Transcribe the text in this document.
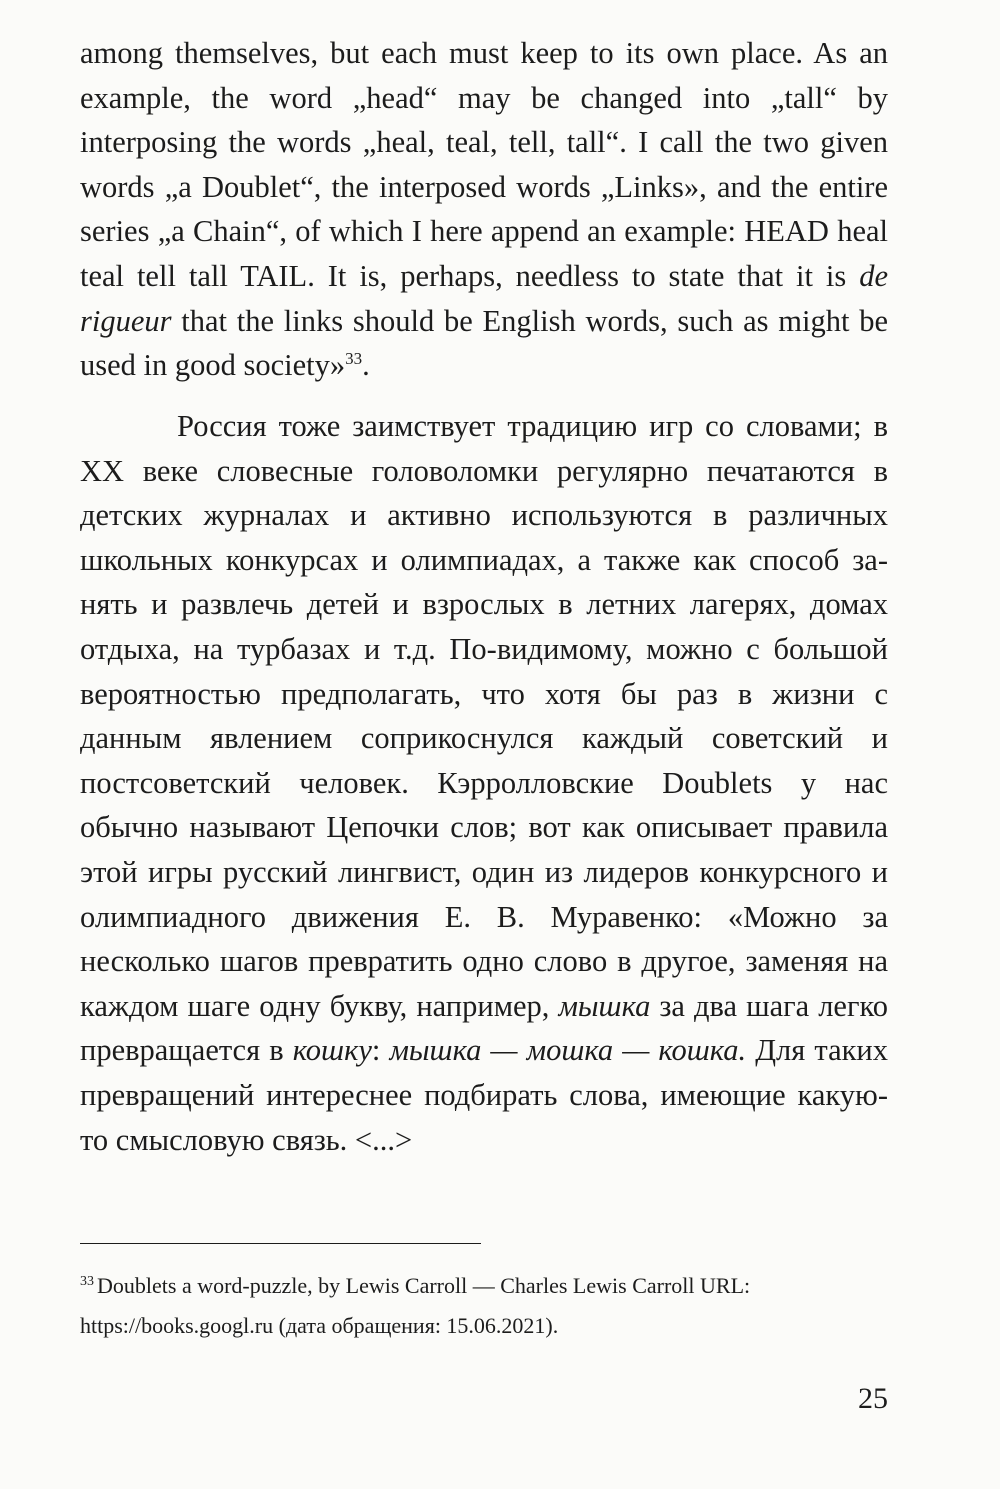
among themselves, but each must keep to its own place. As an example, the word „head“ may be changed into „tall“ by interposing the words „heal, teal, tell, tall“. I call the two given words „a Doublet“, the interposed words „Links», and the entire series „a Chain“, of which I here append an example: HEAD heal teal tell tall TAIL. It is, perhaps, needless to state that it is de rigueur that the links should be English words, such as might be used in good society»$^{33}$.

Россия тоже заимствует традицию игр со словами; в XX веке словесные головоломки регулярно печатаются в детских журналах и активно используются в различных школьных конкурсах и олимпиадах, а также как способ занять и развлечь детей и взрослых в летних лагерях, домах отдыха, на турбазах и т.д. По-видимому, можно с большой вероятностью предполагать, что хотя бы раз в жизни с данным явлением соприкоснулся каждый советский и постсоветский человек. Кэрролловские Doublets у нас обычно называют Цепочки слов; вот как описывает правила этой игры русский лингвист, один из лидеров конкурсного и олимпиадного движения Е. В. Муравенко: «Можно за несколько шагов превратить одно слово в другое, заменяя на каждом шаге одну букву, например, мышка за два шага легко превращается в кошку: мышка — мошка — кошка. Для таких превращений интереснее подбирать слова, имеющие какую-то смысловую связь. <...>

$^{33}$ Doublets a word-puzzle, by Lewis Carroll — Charles Lewis Carroll URL: https://books.googl.ru (дата обращения: 15.06.2021).

25
